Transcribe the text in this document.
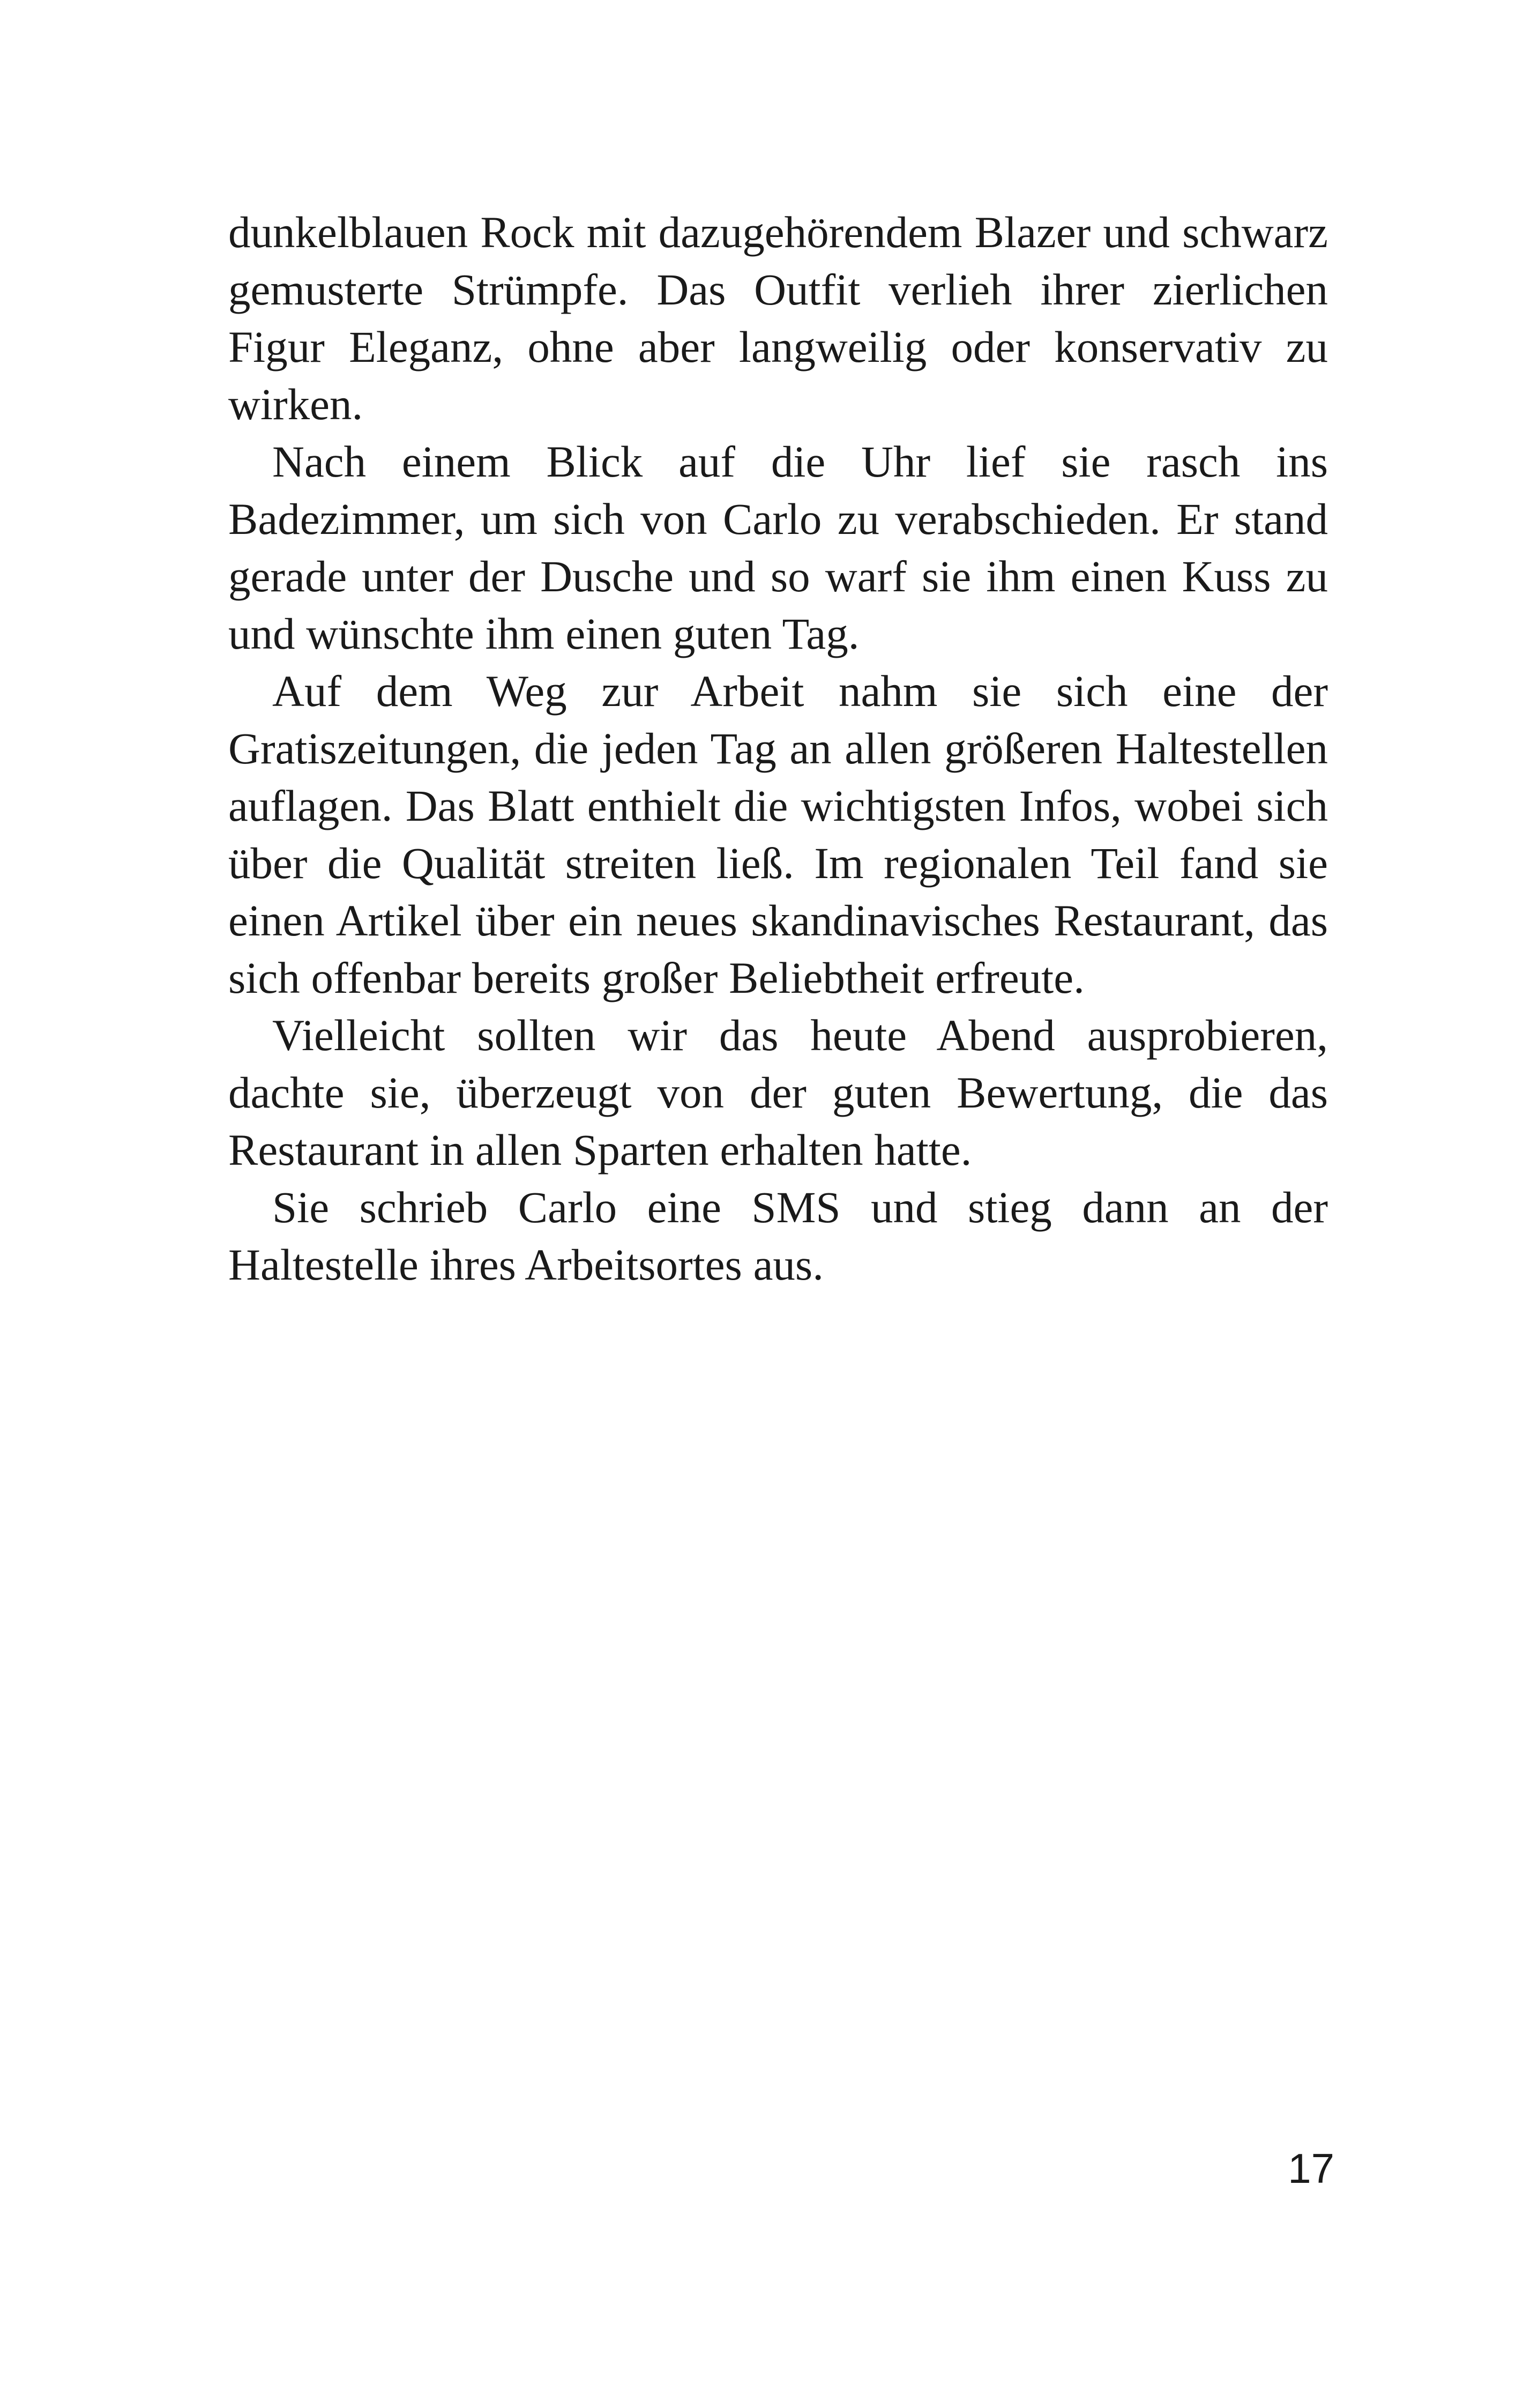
dunkelblauen Rock mit dazugehörendem Blazer und schwarz gemusterte Strümpfe. Das Outfit verlieh ihrer zierlichen Figur Eleganz, ohne aber langweilig oder konservativ zu wirken.

Nach einem Blick auf die Uhr lief sie rasch ins Badezimmer, um sich von Carlo zu verabschieden. Er stand gerade unter der Dusche und so warf sie ihm einen Kuss zu und wünschte ihm einen guten Tag.

Auf dem Weg zur Arbeit nahm sie sich eine der Gratiszeitungen, die jeden Tag an allen größeren Haltestellen auflagen. Das Blatt enthielt die wichtigsten Infos, wobei sich über die Qualität streiten ließ. Im regionalen Teil fand sie einen Artikel über ein neues skandinavisches Restaurant, das sich offenbar bereits großer Beliebtheit erfreute.

Vielleicht sollten wir das heute Abend ausprobieren, dachte sie, überzeugt von der guten Bewertung, die das Restaurant in allen Sparten erhalten hatte.

Sie schrieb Carlo eine SMS und stieg dann an der Haltestelle ihres Arbeitsortes aus.

17
